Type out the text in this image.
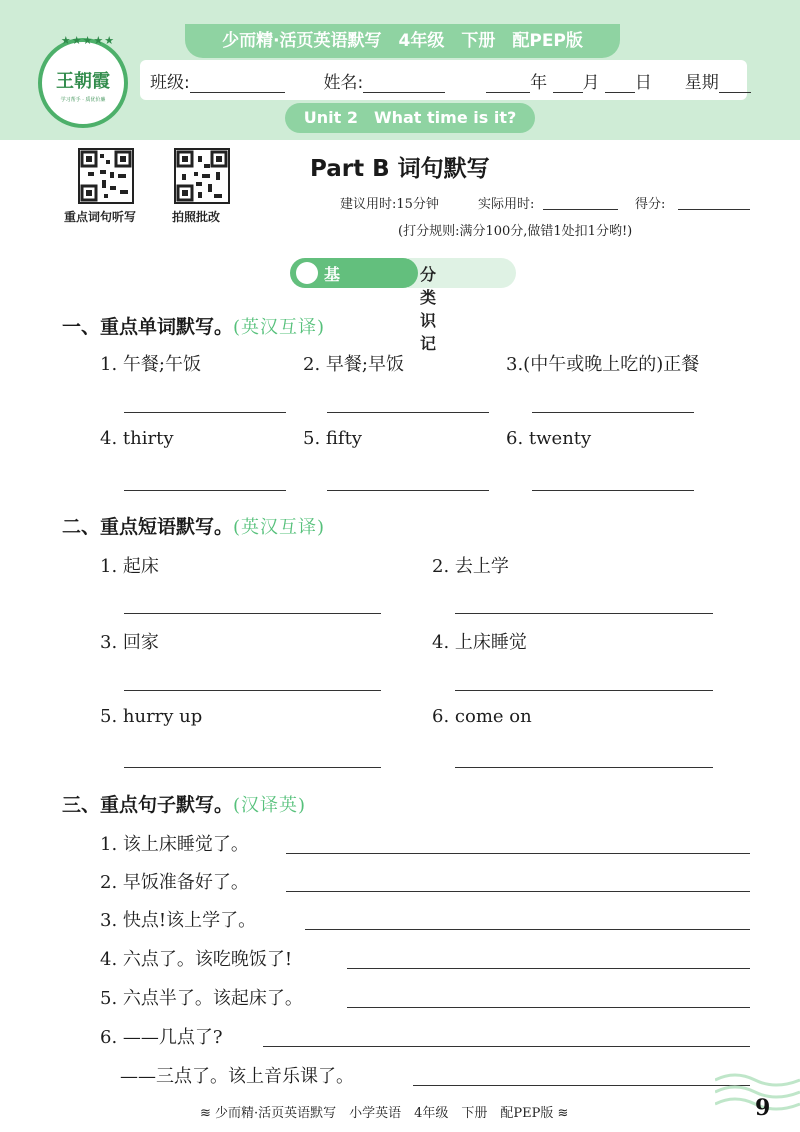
少而精·活页英语默写　4年级　下册　配PEP版
班级:	姓名:	年 月 日 星期
Unit 2　What time is it?
★★★★★
王朝霞
学习帮手 · 质优价廉
重点词句听写	拍照批改
Part B 词句默写
建议用时:15分钟	实际用时:	得分:
(打分规则:满分100分,做错1处扣1分哟!)
基础默写
分类识记
一、重点单词默写。(英汉互译)
1. 午餐;午饭	2. 早餐;早饭	3.(中午或晚上吃的)正餐
4. thirty	5. fifty	6. twenty
二、重点短语默写。(英汉互译)
1. 起床	2. 去上学
3. 回家	4. 上床睡觉
5. hurry up	6. come on
三、重点句子默写。(汉译英)
1. 该上床睡觉了。
2. 早饭准备好了。
3. 快点!该上学了。
4. 六点了。该吃晚饭了!
5. 六点半了。该起床了。
6. ——几点了?
——三点了。该上音乐课了。
≋ 少而精·活页英语默写　小学英语　4年级　下册　配PEP版 ≋	9
